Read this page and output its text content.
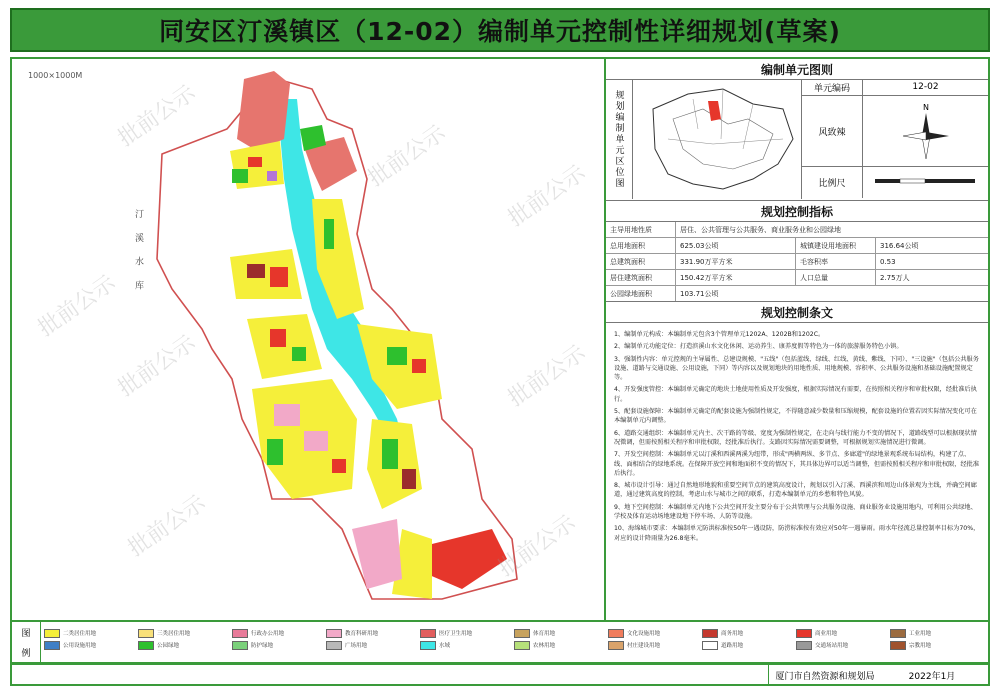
同安区汀溪镇区（12-02）编制单元控制性详细规划(草案)
1000×1000M
汀 溪 水 库
批前公示
批前公示
批前公示
批前公示
批前公示	批前公示
批前公示	批前公示
编制单元图则
规划编制单元区位图
单元编码	12-02
风致辣
N
比例尺
规划控制指标
主导用地性质	居住、公共管理与公共服务、商业服务业和公园绿地
总用地面积	625.03公顷	城镇建设用地面积	316.64公顷
总建筑面积	331.90万平方米	毛容积率	0.53
居住建筑面积	150.42万平方米	人口总量	2.75万人
公园绿地面积	103.71公顷
规划控制条文

1、编制单元构成：本编制单元包含3个管理单元1202A、1202B和1202C。

2、编制单元功能定位：打造滨溪山水文化休闲、运动养生、康养度假等特色为一体的旅游服务特色小镇。

3、强制性内容：单元控规的主导属性、总建设规模、"五线"（包括蓝线、绿线、红线、黄线、紫线、下同）、"三设施"（包括公共服务设施、道路与交通设施、公用设施，下同）等内容以及规划地块的用地性质、用地规模、容积率、公共服务设施和基础设施配置规定等。

4、开发强度管控：本编制单元确定的地块土地使用性质及开发强度，根据实际情况有需要，在按照相关程序和审批权限，经批准后执行。

5、配套设施保障：本编制单元确定的配套设施为强制性规定，不得随意减少数量和压缩规模，配套设施的位置若因实际情况变化可在本编制单元内调整。

6、道路交通组织：本编制单元内主、次干路的等级、宽度为强制性规定，在走向与线行能力不变的情况下，道路线型可以根据现状情况微调，但需按照相关程序和审批权限，经批准后执行。支路因实际情况需要调整，可根据规划实施情况进行微调。

7、开发空间控制：本编制单元以汀溪和西溪两溪为纽带，形成"两横两纵、多节点、多廊道"的绿地景观系统布局结构，构建了点、线、面相结合的绿地系统。在保障开放空间和地面积不变的情况下，其具体边界可以适当调整，但需按照相关程序和审批权限，经批准后执行。

8、城市设计引导：通过自然地形地貌和重要空间节点的建筑高度设计，规划以引入汀溪、西溪滨和周边山体景观为主线，并确空间廊道，通过建筑高度的控制，考虑山水与城市之间的联系，打造本编制单元的乡愁和特色风貌。

9、地下空间控制：本编制单元内地下公共空间开发主要分布于公共管理与公共服务设施、商业服务业设施用地内，可利用公共绿地、学校及体育运动场地建设地下停车场、人防等设施。

10、海绵城市要求：本编制单元防洪标准按50年一遇设防，防涝标准按有效应对50年一遇暴雨。雨水年径流总量控制率目标为70%，对应的设计降雨量为26.8毫米。

图
例
二类居住用地	三类居住用地	行政办公用地	教育科研用地	医疗卫生用地	体育用地	文化设施用地	商务用地	商业用地	工业用地
公用设施用地	公园绿地	防护绿地	广场用地	水域	农林用地	村庄建设用地	道路用地	交通场站用地	宗教用地
厦门市自然资源和规划局	2022年1月
